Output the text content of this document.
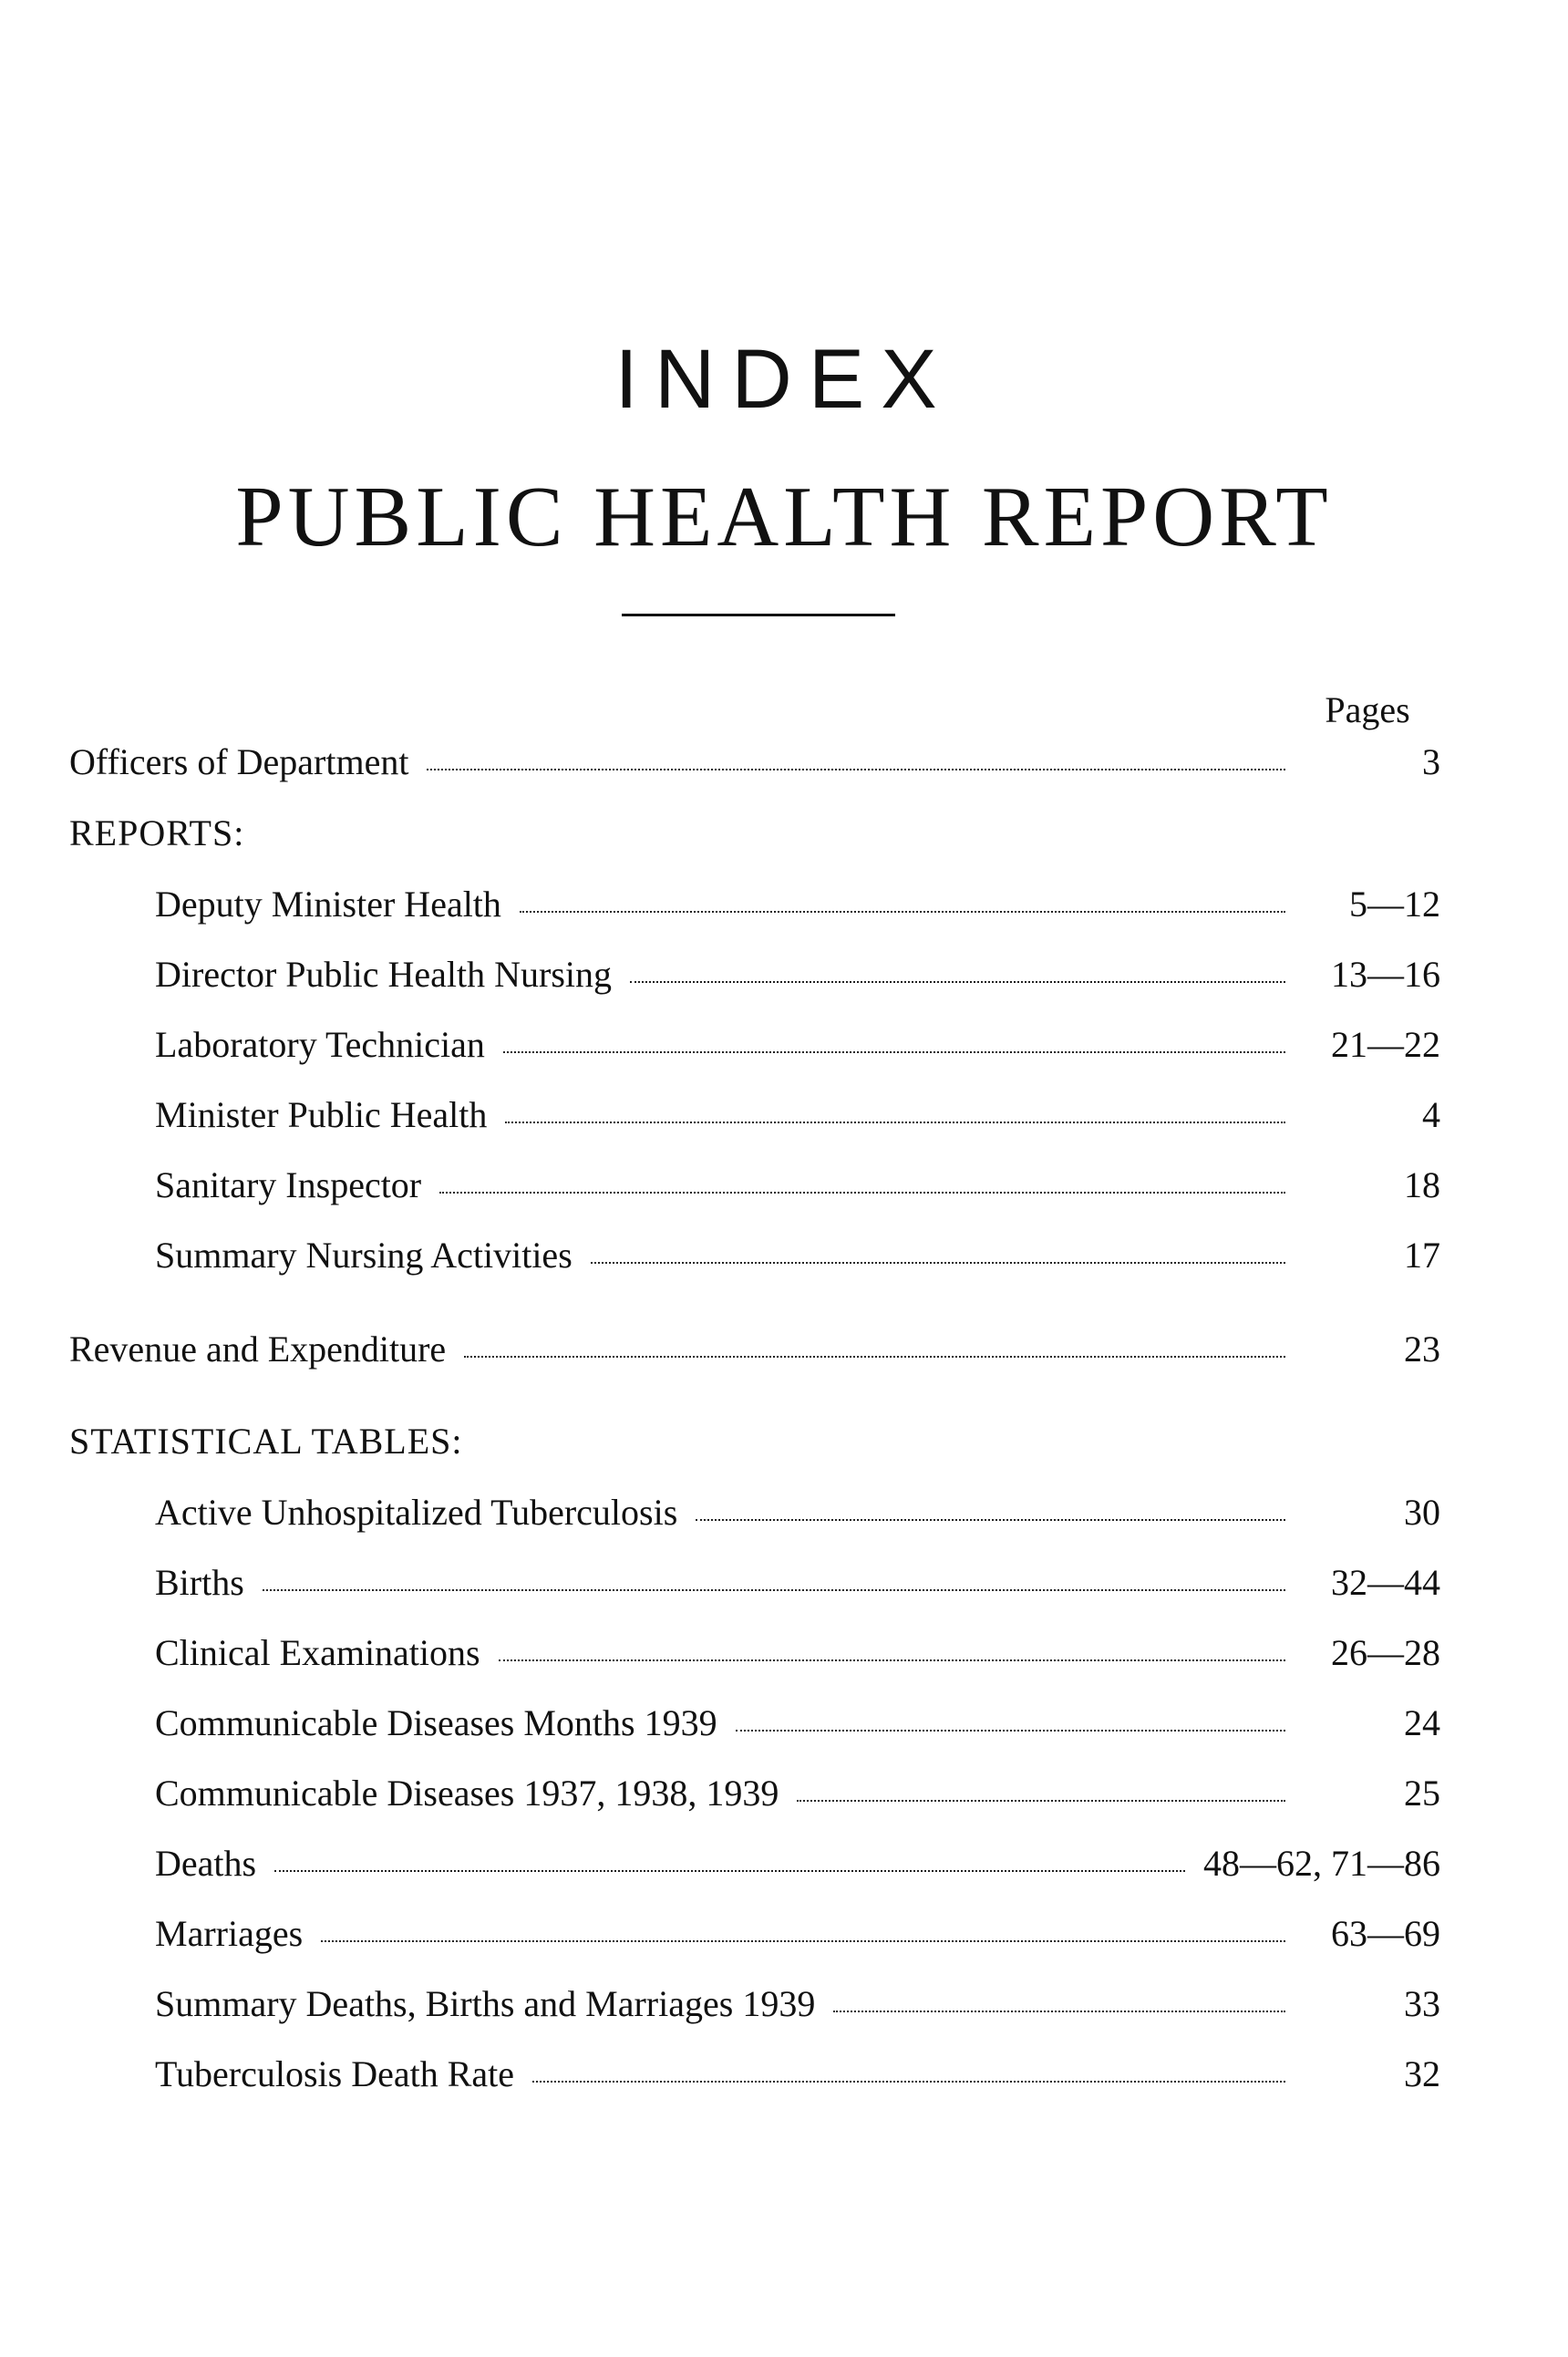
INDEX
PUBLIC HEALTH REPORT
Pages
Officers of Department	3
REPORTS:
Deputy Minister Health	5—12
Director Public Health Nursing	13—16
Laboratory Technician	21—22
Minister Public Health	4
Sanitary Inspector	18
Summary Nursing Activities	17
Revenue and Expenditure	23
STATISTICAL TABLES:
Active Unhospitalized Tuberculosis	30
Births	32—44
Clinical Examinations	26—28
Communicable Diseases Months 1939	24
Communicable Diseases 1937, 1938, 1939	25
Deaths	48—62, 71—86
Marriages	63—69
Summary Deaths, Births and Marriages 1939	33
Tuberculosis Death Rate	32
